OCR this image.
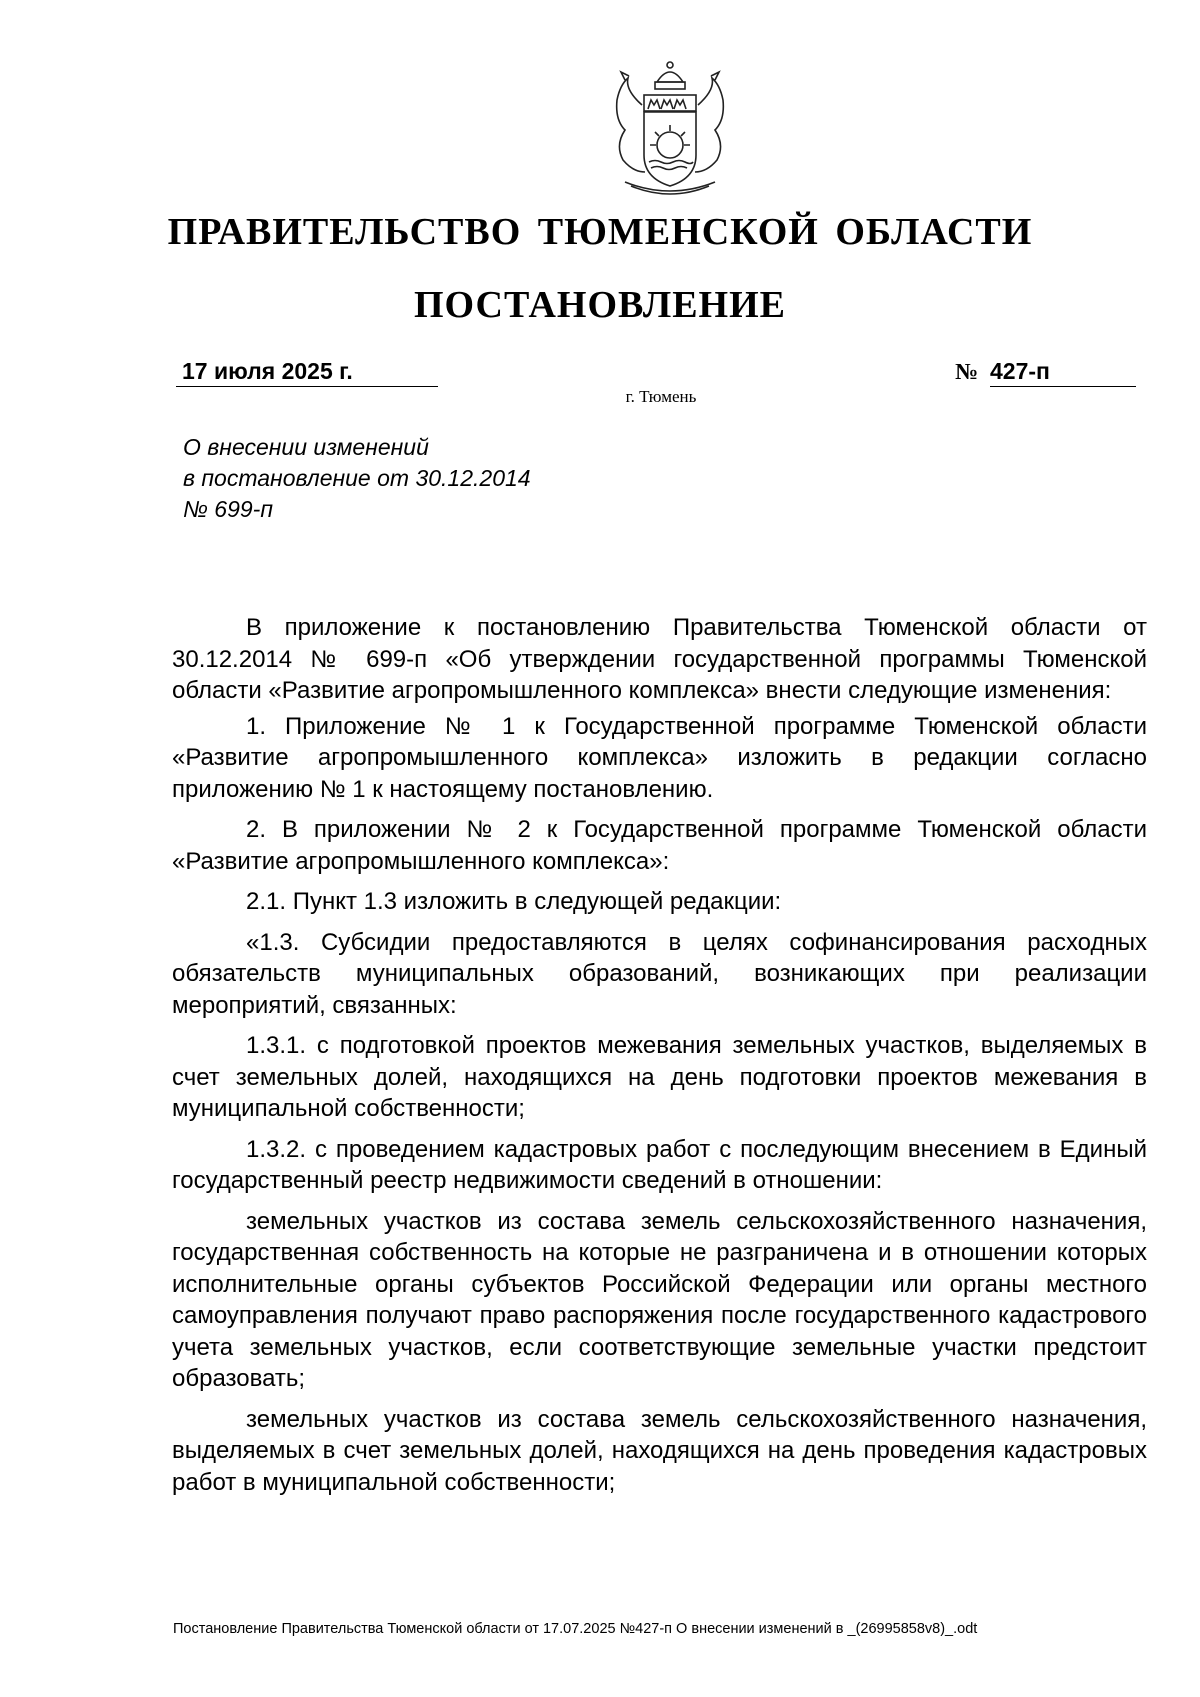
ПРАВИТЕЛЬСТВО ТЮМЕНСКОЙ ОБЛАСТИ
ПОСТАНОВЛЕНИЕ
17 июля 2025 г.	№ 427-п
г. Тюмень
О внесении изменений
в постановление от 30.12.2014
№ 699-п

В приложение к постановлению Правительства Тюменской области от 30.12.2014 № 699-п «Об утверждении государственной программы Тюменской области «Развитие агропромышленного комплекса» внести следующие изменения:

1. Приложение № 1 к Государственной программе Тюменской области «Развитие агропромышленного комплекса» изложить в редакции согласно приложению № 1 к настоящему постановлению.

2. В приложении № 2 к Государственной программе Тюменской области «Развитие агропромышленного комплекса»:

2.1. Пункт 1.3 изложить в следующей редакции:

«1.3. Субсидии предоставляются в целях софинансирования расходных обязательств муниципальных образований, возникающих при реализации мероприятий, связанных:

1.3.1. с подготовкой проектов межевания земельных участков, выделяемых в счет земельных долей, находящихся на день подготовки проектов межевания в муниципальной собственности;

1.3.2. с проведением кадастровых работ с последующим внесением в Единый государственный реестр недвижимости сведений в отношении:

земельных участков из состава земель сельскохозяйственного назначения, государственная собственность на которые не разграничена и в отношении которых исполнительные органы субъектов Российской Федерации или органы местного самоуправления получают право распоряжения после государственного кадастрового учета земельных участков, если соответствующие земельные участки предстоит образовать;

земельных участков из состава земель сельскохозяйственного назначения, выделяемых в счет земельных долей, находящихся на день проведения кадастровых работ в муниципальной собственности;

Постановление Правительства Тюменской области от 17.07.2025 №427-п О внесении изменений в _(26995858v8)_.odt
